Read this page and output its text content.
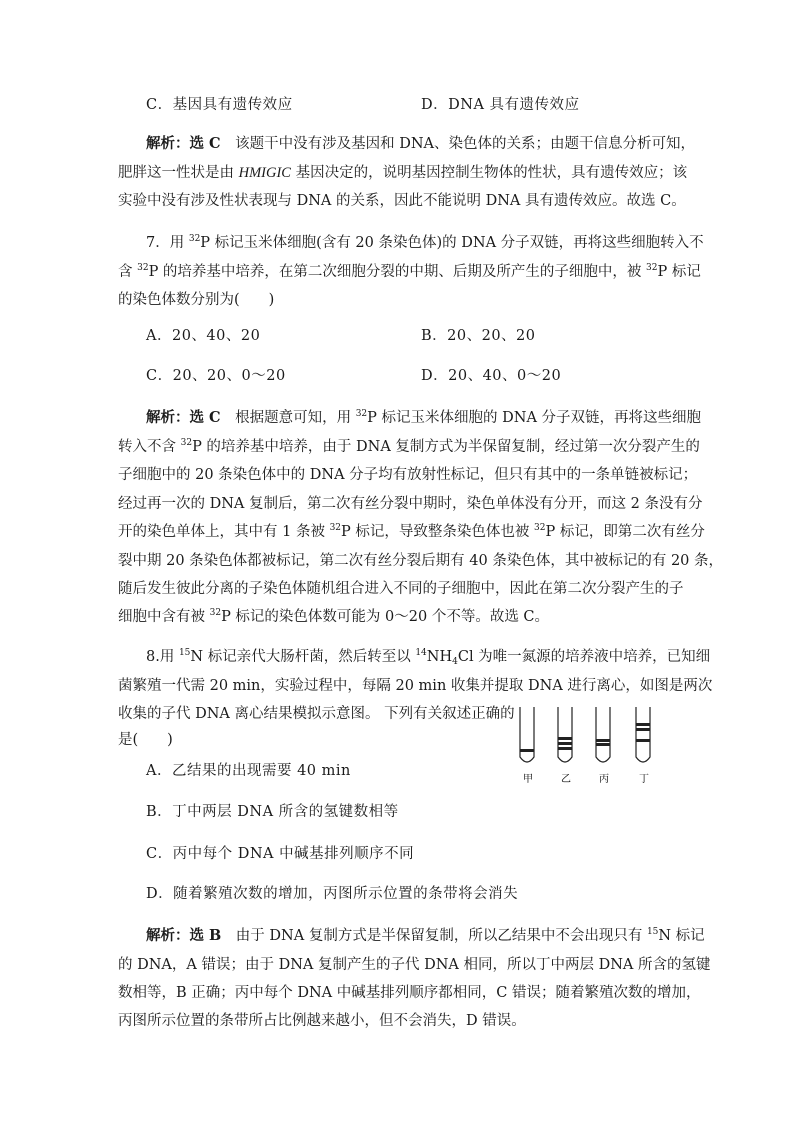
C．基因具有遗传效应	D．DNA 具有遗传效应
解析：选 C　该题干中没有涉及基因和 DNA、染色体的关系；由题干信息分析可知，
肥胖这一性状是由 HMIGIC 基因决定的，说明基因控制生物体的性状，具有遗传效应；该
实验中没有涉及性状表现与 DNA 的关系，因此不能说明 DNA 具有遗传效应。故选 C。
7．用 $^{32}$P 标记玉米体细胞(含有 20 条染色体)的 DNA 分子双链，再将这些细胞转入不
含 $^{32}$P 的培养基中培养，在第二次细胞分裂的中期、后期及所产生的子细胞中，被 $^{32}$P 标记
的染色体数分别为(　　)
A．20、40、20	B．20、20、20
C．20、20、0～20	D．20、40、0～20
解析：选 C　根据题意可知，用 $^{32}$P 标记玉米体细胞的 DNA 分子双链，再将这些细胞
转入不含 $^{32}$P 的培养基中培养，由于 DNA 复制方式为半保留复制，经过第一次分裂产生的
子细胞中的 20 条染色体中的 DNA 分子均有放射性标记，但只有其中的一条单链被标记；
经过再一次的 DNA 复制后，第二次有丝分裂中期时，染色单体没有分开，而这 2 条没有分
开的染色单体上，其中有 1 条被 $^{32}$P 标记，导致整条染色体也被 $^{32}$P 标记，即第二次有丝分
裂中期 20 条染色体都被标记，第二次有丝分裂后期有 40 条染色体，其中被标记的有 20 条，
随后发生彼此分离的子染色体随机组合进入不同的子细胞中，因此在第二次分裂产生的子
细胞中含有被 $^{32}$P 标记的染色体数可能为 0～20 个不等。故选 C。
8.用 $^{15}$N 标记亲代大肠杆菌，然后转至以 $^{14}NH_4Cl$ 为唯一氮源的培养液中培养，已知细
菌繁殖一代需 20 min，实验过程中，每隔 20 min 收集并提取 DNA 进行离心，如图是两次
收集的子代 DNA 离心结果模拟示意图。 下列有关叙述正确的
是(　　)
甲	乙	丙	丁
A．乙结果的出现需要 40 min
B．丁中两层 DNA 所含的氢键数相等
C．丙中每个 DNA 中碱基排列顺序不同
D．随着繁殖次数的增加，丙图所示位置的条带将会消失
解析：选 B　由于 DNA 复制方式是半保留复制，所以乙结果中不会出现只有 $^{15}$N 标记
的 DNA，A 错误；由于 DNA 复制产生的子代 DNA 相同，所以丁中两层 DNA 所含的氢键
数相等，B 正确；丙中每个 DNA 中碱基排列顺序都相同，C 错误；随着繁殖次数的增加，
丙图所示位置的条带所占比例越来越小，但不会消失，D 错误。
